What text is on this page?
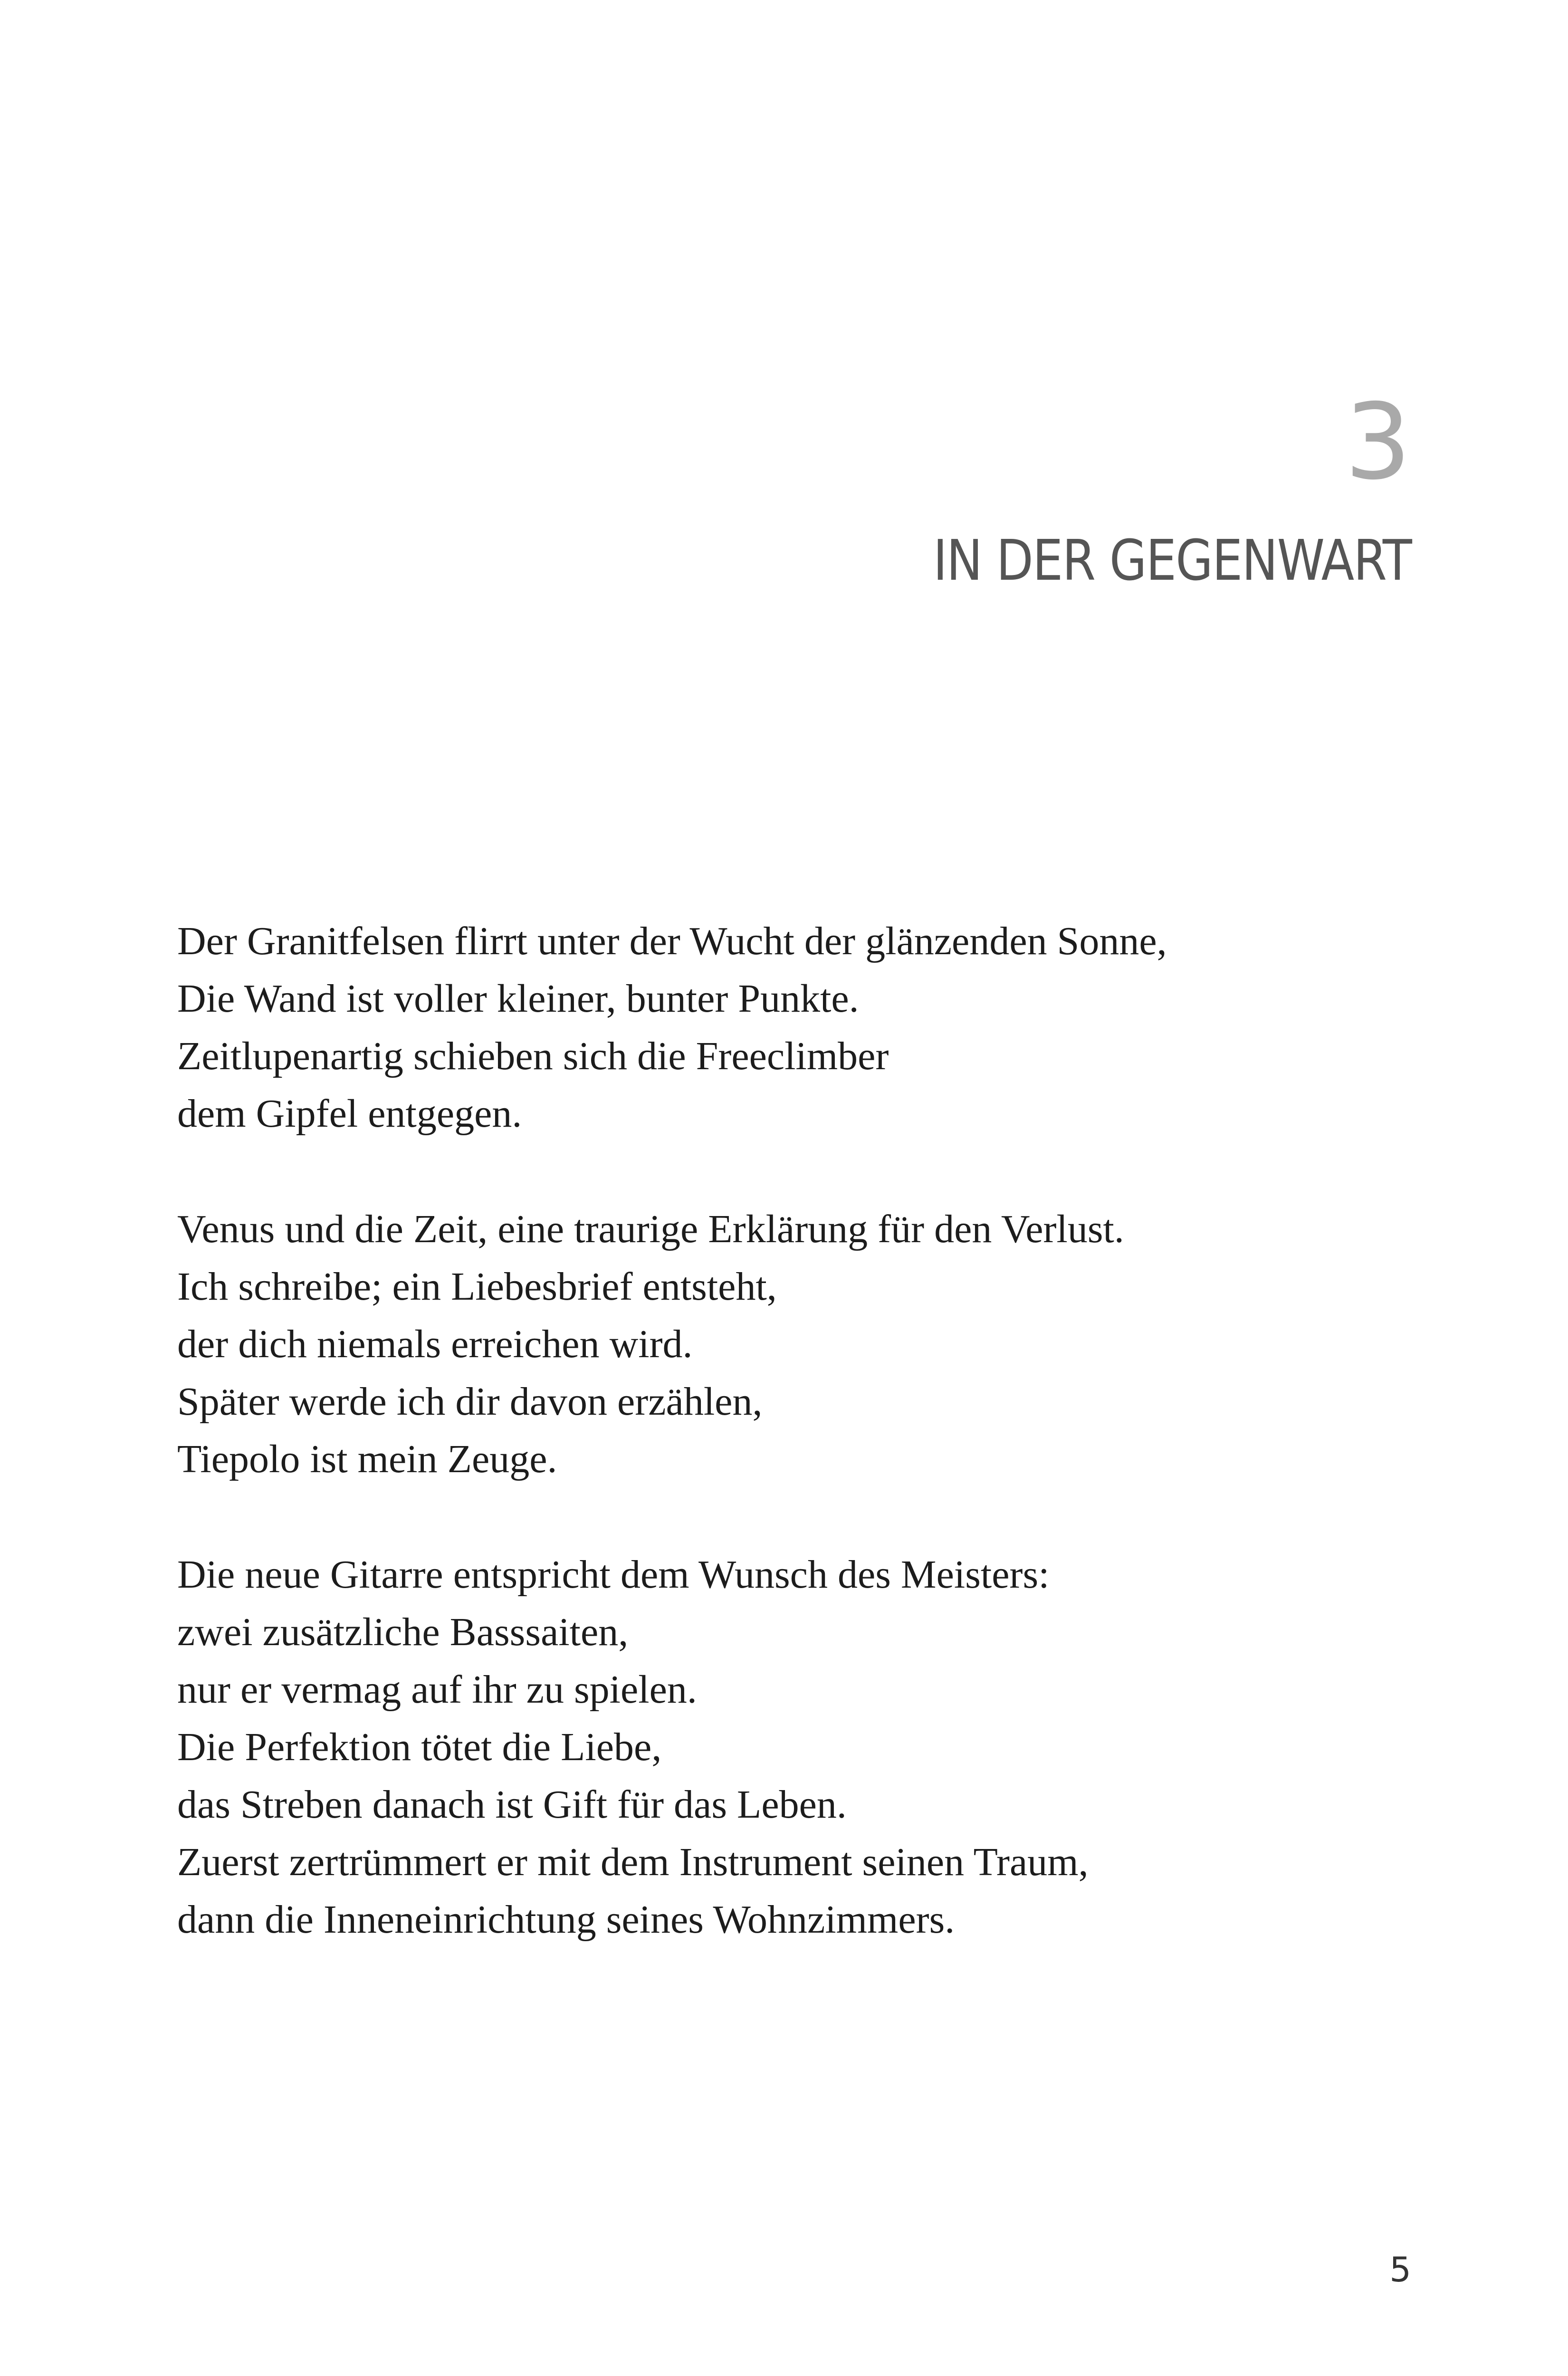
3
IN DER GEGENWART
Der Granitfelsen flirrt unter der Wucht der glänzenden Sonne,
Die Wand ist voller kleiner, bunter Punkte.
Zeitlupenartig schieben sich die Freeclimber
dem Gipfel entgegen.
Venus und die Zeit, eine traurige Erklärung für den Verlust.
Ich schreibe; ein Liebesbrief entsteht,
der dich niemals erreichen wird.
Später werde ich dir davon erzählen,
Tiepolo ist mein Zeuge.
Die neue Gitarre entspricht dem Wunsch des Meisters:
zwei zusätzliche Basssaiten,
nur er vermag auf ihr zu spielen.
Die Perfektion tötet die Liebe,
das Streben danach ist Gift für das Leben.
Zuerst zertrümmert er mit dem Instrument seinen Traum,
dann die Inneneinrichtung seines Wohnzimmers.
5
